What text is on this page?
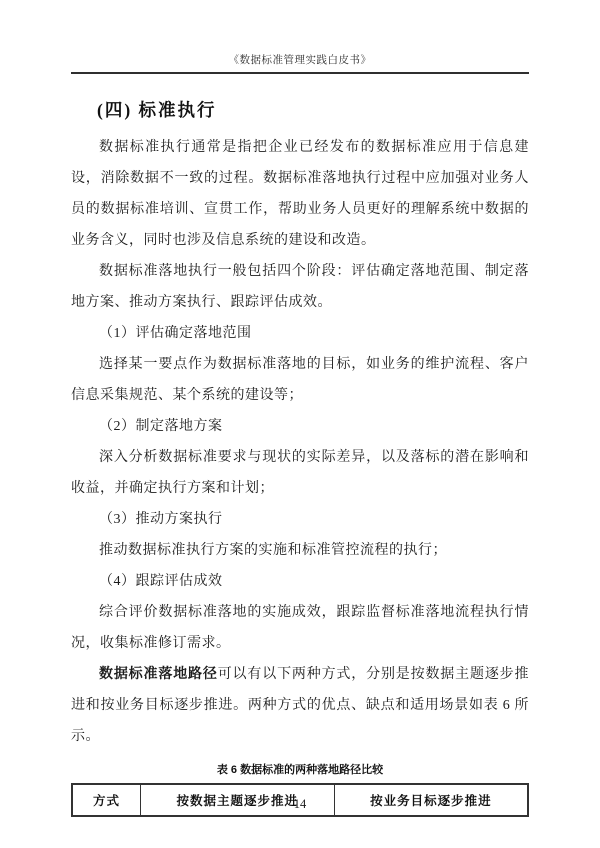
《数据标准管理实践白皮书》
(四) 标准执行

数据标准执行通常是指把企业已经发布的数据标准应用于信息建设，消除数据不一致的过程。数据标准落地执行过程中应加强对业务人员的数据标准培训、宣贯工作，帮助业务人员更好的理解系统中数据的业务含义，同时也涉及信息系统的建设和改造。

数据标准落地执行一般包括四个阶段：评估确定落地范围、制定落地方案、推动方案执行、跟踪评估成效。

（1）评估确定落地范围

选择某一要点作为数据标准落地的目标，如业务的维护流程、客户信息采集规范、某个系统的建设等；

（2）制定落地方案

深入分析数据标准要求与现状的实际差异，以及落标的潜在影响和收益，并确定执行方案和计划；

（3）推动方案执行

推动数据标准执行方案的实施和标准管控流程的执行；

（4）跟踪评估成效

综合评价数据标准落地的实施成效，跟踪监督标准落地流程执行情况，收集标准修订需求。

数据标准落地路径可以有以下两种方式，分别是按数据主题逐步推进和按业务目标逐步推进。两种方式的优点、缺点和适用场景如表 6 所示。

表 6 数据标准的两种落地路径比较
方式	按数据主题逐步推进	按业务目标逐步推进
14
